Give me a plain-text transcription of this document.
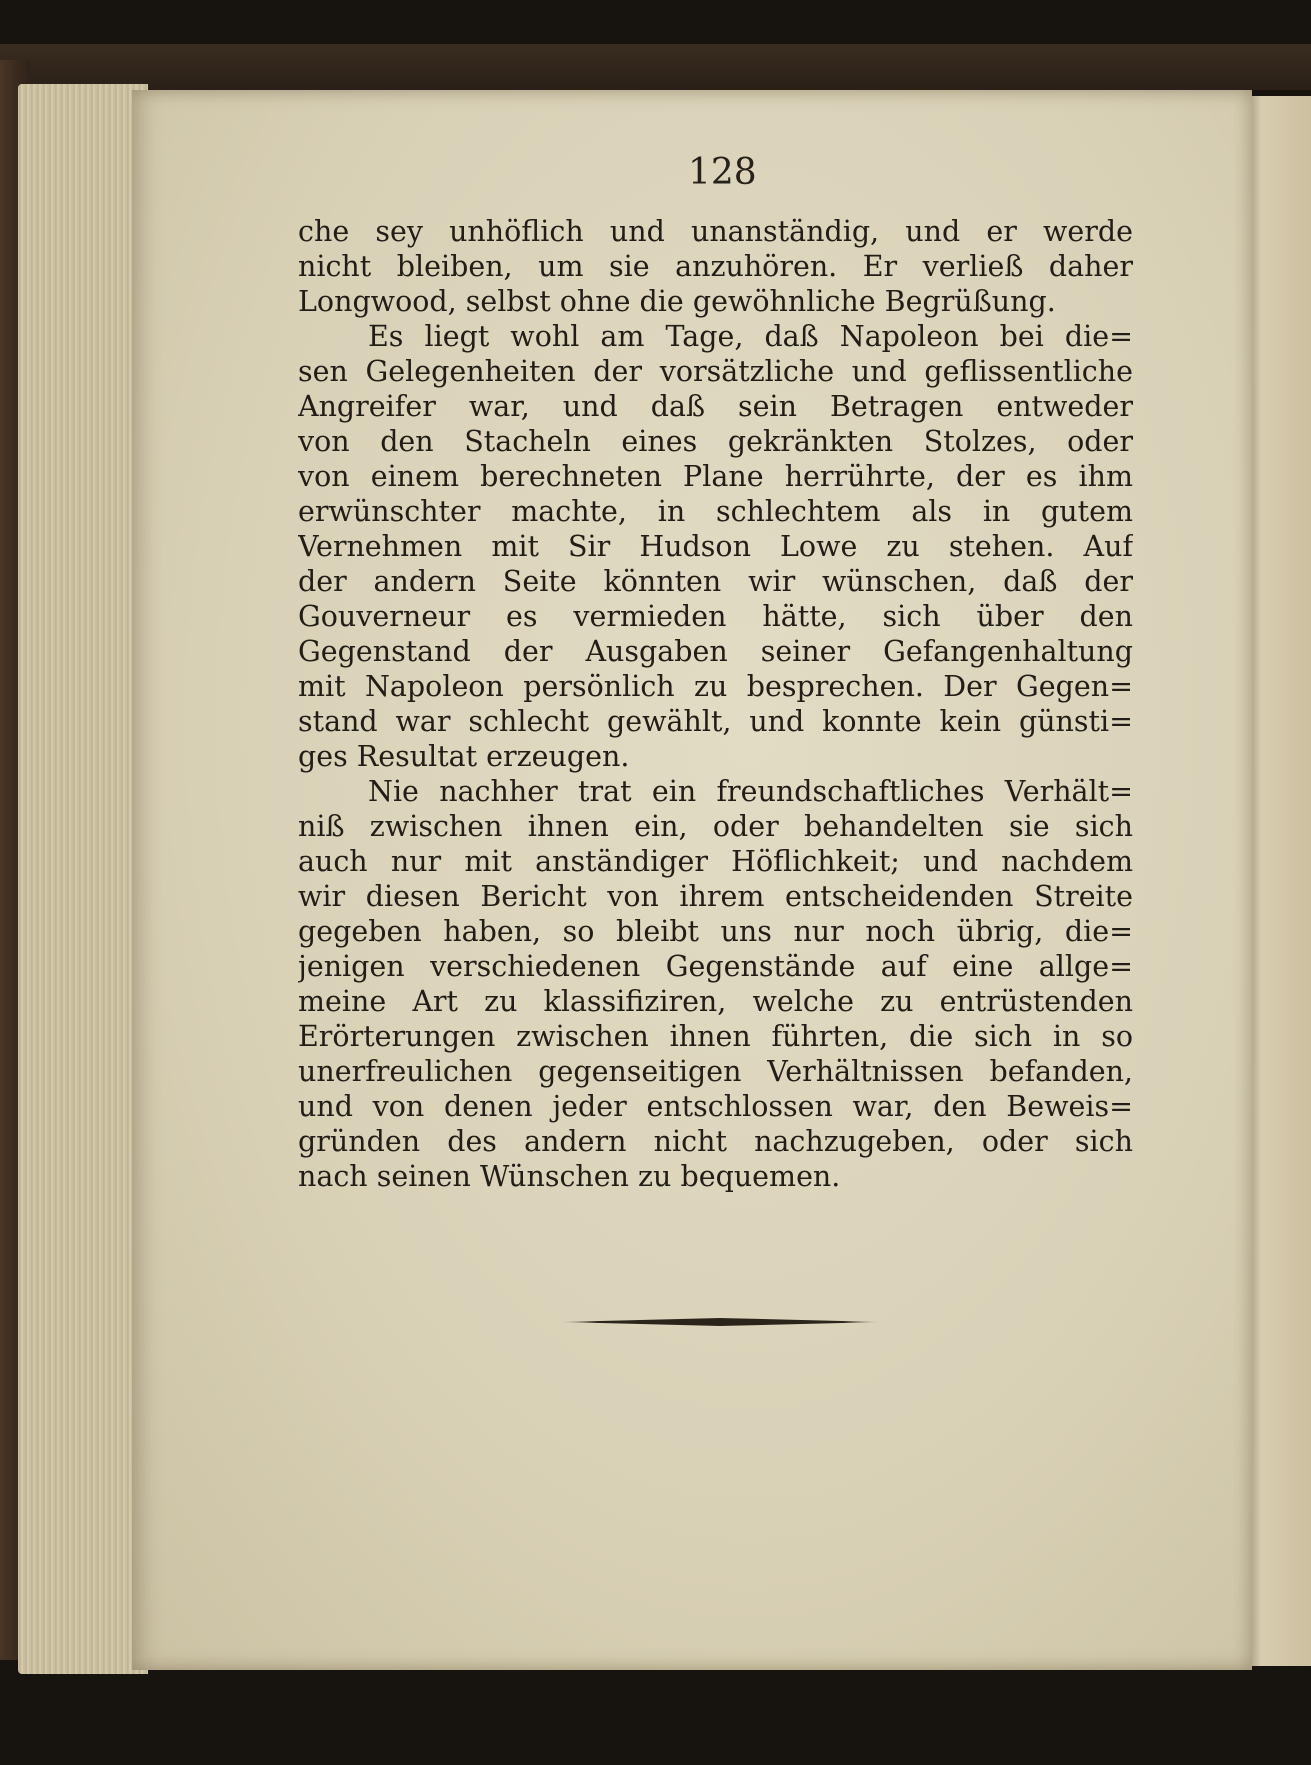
128
che sey unhöflich und unanständig, und er werde
nicht bleiben, um sie anzuhören. Er verließ daher
Longwood, selbst ohne die gewöhnliche Begrüßung.
Es liegt wohl am Tage, daß Napoleon bei die=
sen Gelegenheiten der vorsätzliche und geflissentliche
Angreifer war, und daß sein Betragen entweder
von den Stacheln eines gekränkten Stolzes, oder
von einem berechneten Plane herrührte, der es ihm
erwünschter machte, in schlechtem als in gutem
Vernehmen mit Sir Hudson Lowe zu stehen. Auf
der andern Seite könnten wir wünschen, daß der
Gouverneur es vermieden hätte, sich über den
Gegenstand der Ausgaben seiner Gefangenhaltung
mit Napoleon persönlich zu besprechen. Der Gegen=
stand war schlecht gewählt, und konnte kein günsti=
ges Resultat erzeugen.
Nie nachher trat ein freundschaftliches Verhält=
niß zwischen ihnen ein, oder behandelten sie sich
auch nur mit anständiger Höflichkeit; und nachdem
wir diesen Bericht von ihrem entscheidenden Streite
gegeben haben, so bleibt uns nur noch übrig, die=
jenigen verschiedenen Gegenstände auf eine allge=
meine Art zu klassifiziren, welche zu entrüstenden
Erörterungen zwischen ihnen führten, die sich in so
unerfreulichen gegenseitigen Verhältnissen befanden,
und von denen jeder entschlossen war, den Beweis=
gründen des andern nicht nachzugeben, oder sich
nach seinen Wünschen zu bequemen.
